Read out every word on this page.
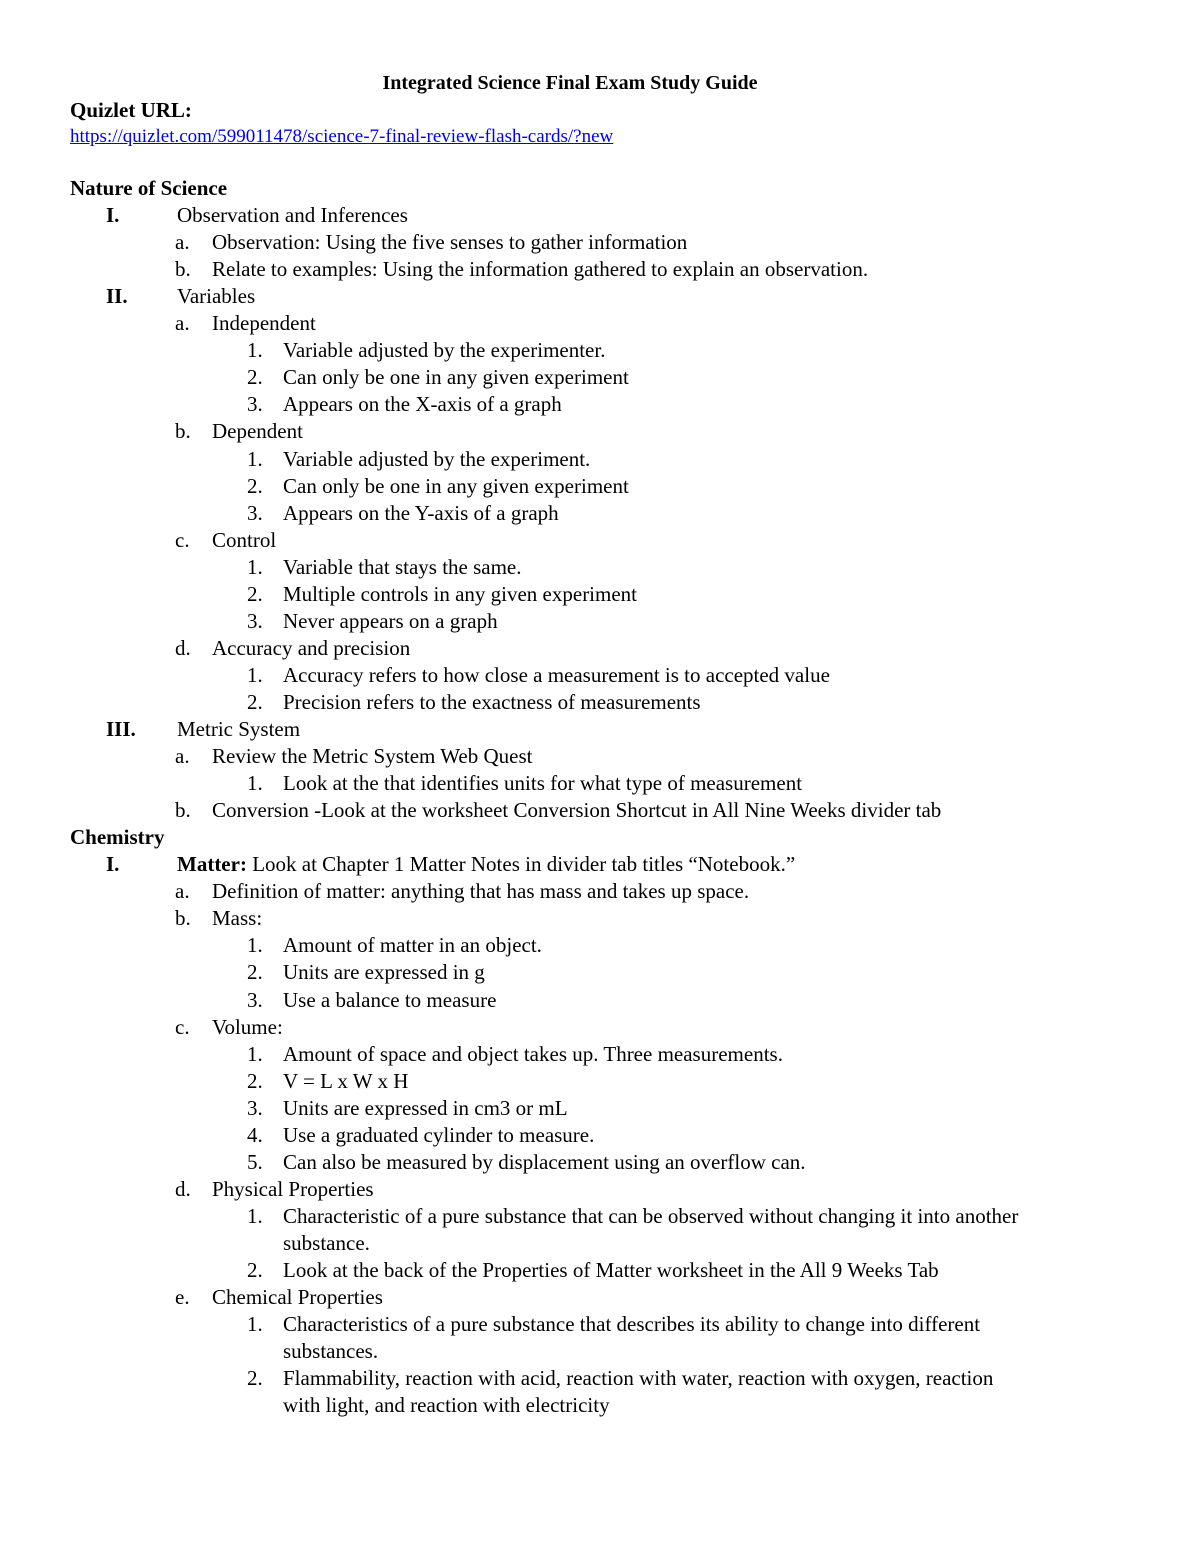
Integrated Science Final Exam Study Guide
Quizlet URL:
https://quizlet.com/599011478/science-7-final-review-flash-cards/?new
Nature of Science
I.	Observation and Inferences
a. Observation: Using the five senses to gather information
b. Relate to examples: Using the information gathered to explain an observation.
II. Variables
a. Independent
1. Variable adjusted by the experimenter.
2. Can only be one in any given experiment
3. Appears on the X-axis of a graph
b. Dependent
1. Variable adjusted by the experiment.
2. Can only be one in any given experiment
3. Appears on the Y-axis of a graph
c. Control
1. Variable that stays the same.
2. Multiple controls in any given experiment
3. Never appears on a graph
d. Accuracy and precision
1. Accuracy refers to how close a measurement is to accepted value
2. Precision refers to the exactness of measurements
III. Metric System
a. Review the Metric System Web Quest
1. Look at the that identifies units for what type of measurement
b. Conversion -Look at the worksheet Conversion Shortcut in All Nine Weeks divider tab
Chemistry
I.	Matter: Look at Chapter 1 Matter Notes in divider tab titles “Notebook.”
a. Definition of matter: anything that has mass and takes up space.
b. Mass:
1. Amount of matter in an object.
2. Units are expressed in g
3. Use a balance to measure
c. Volume:
1. Amount of space and object takes up. Three measurements.
2. V = L x W x H
3. Units are expressed in cm3 or mL
4. Use a graduated cylinder to measure.
5. Can also be measured by displacement using an overflow can.
d. Physical Properties
1. Characteristic of a pure substance that can be observed without changing it into another
substance.
2. Look at the back of the Properties of Matter worksheet in the All 9 Weeks Tab
e. Chemical Properties
1. Characteristics of a pure substance that describes its ability to change into different
substances.
2. Flammability, reaction with acid, reaction with water, reaction with oxygen, reaction
with light, and reaction with electricity
